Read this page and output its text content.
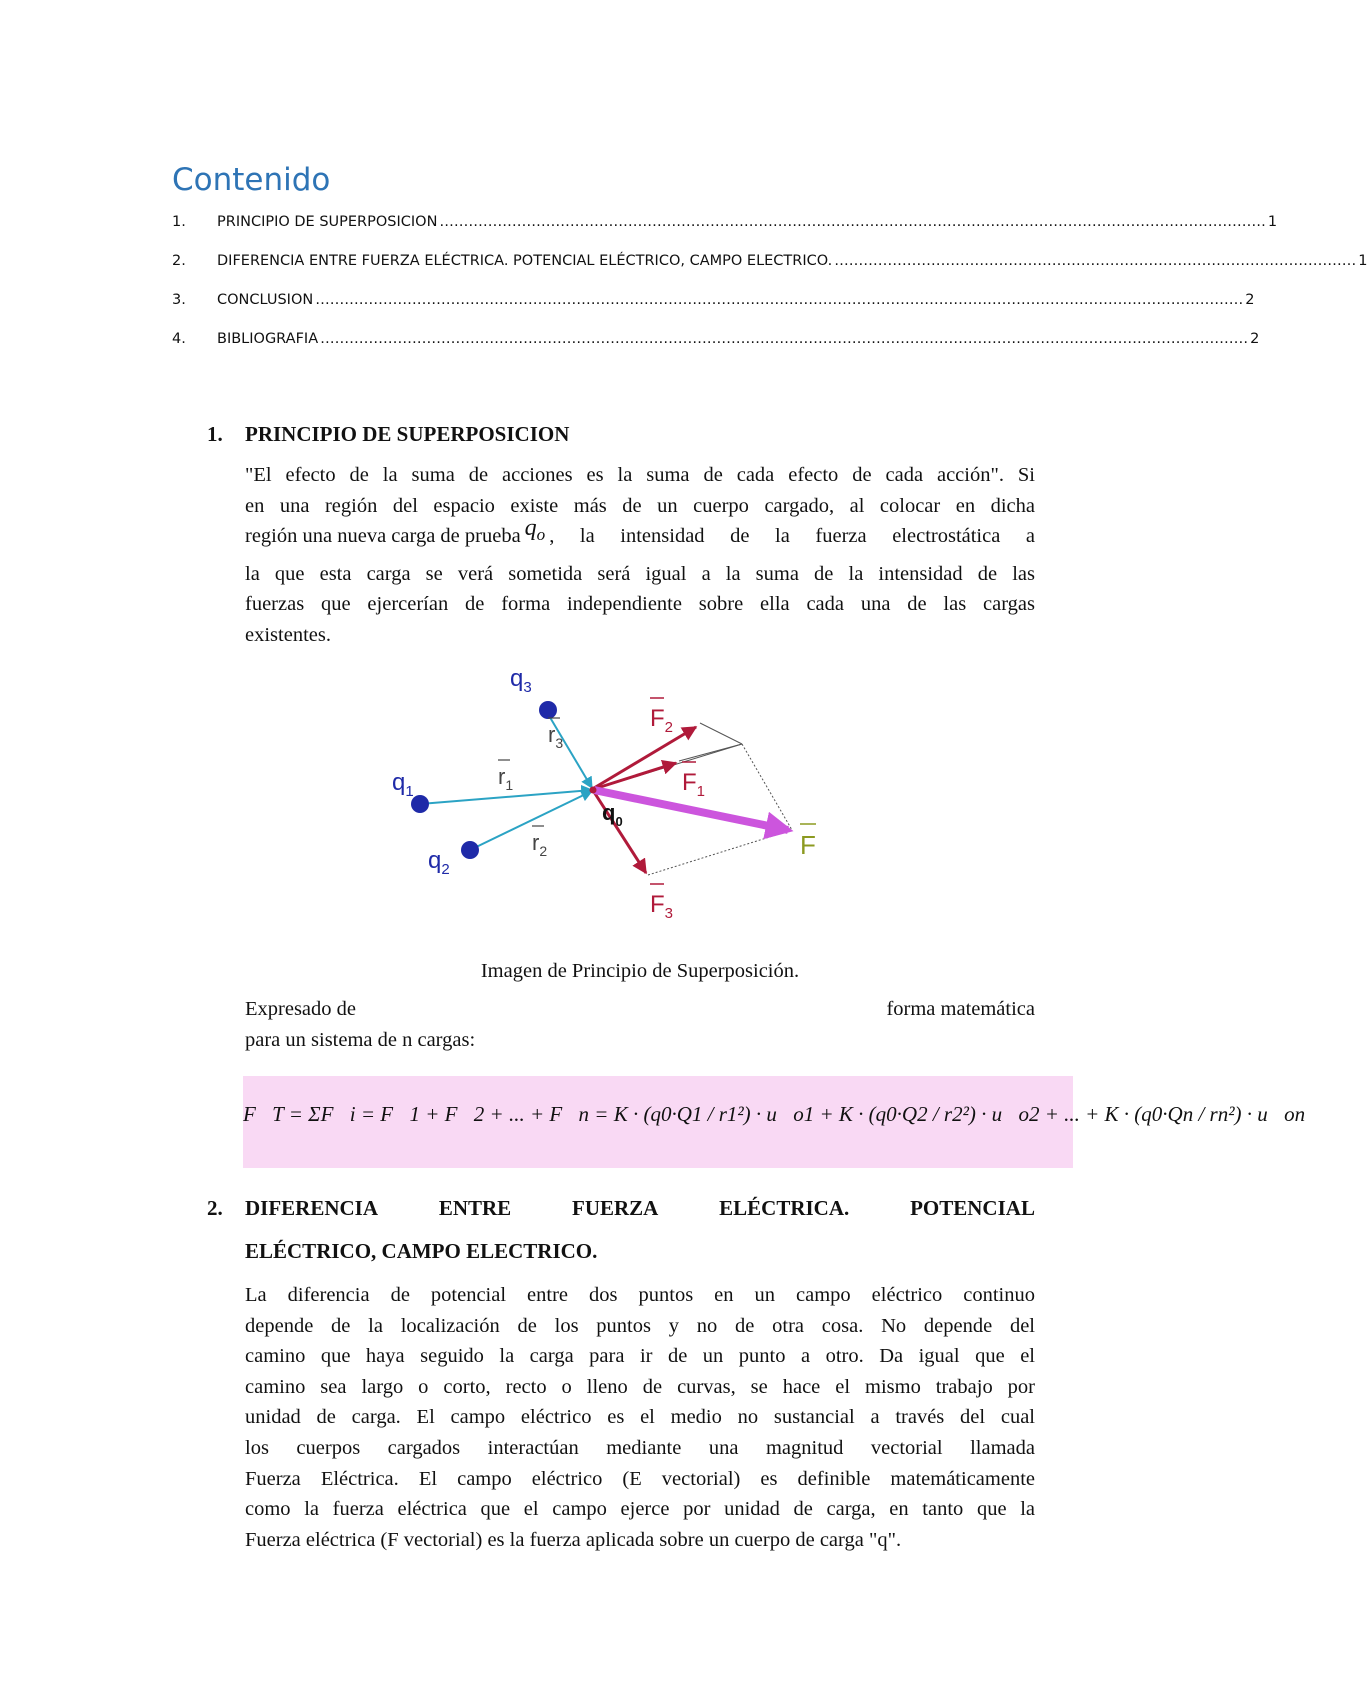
Contenido
1.	PRINCIPIO DE SUPERPOSICION ……………………………………………………………………………………………………………………………………………………… 1
2.	DIFERENCIA ENTRE FUERZA ELÉCTRICA. POTENCIAL ELÉCTRICO, CAMPO ELECTRICO. ……………………………………………………………………………………………… 1
3.	CONCLUSION ………………………………………………………………………………………………………………………………………………………………………… 2
4.	BIBLIOGRAFIA ………………………………………………………………………………………………………………………………………………………………………… 2
1. PRINCIPIO DE SUPERPOSICION
"El efecto de la suma de acciones es la suma de cada efecto de cada acción". Si
en una región del espacio existe más de un cuerpo cargado, al colocar en dicha
región una nueva carga de prueba $q_o$ , la intensidad de la fuerza electrostática a
la que esta carga se verá sometida será igual a la suma de la intensidad de las
fuerzas que ejercerían de forma independiente sobre ella cada una de las cargas
existentes.
$q_1$
$q_2$
$q_3$
$q_0$
$r_1$
$r_2$
$r_3$
$F_1$
$F_2$
$F_3$
F
Imagen de Principio de Superposición.
Expresado de	forma matemática
para un sistema de n cargas:
F⃗T = ΣF⃗i = F⃗1 + F⃗2 + ... + F⃗n = K · (q0·Q1 / r1²) · u⃗o1 + K · (q0·Q2 / r2²) · u⃗o2 + ... + K · (q0·Qn / rn²) · u⃗on
2. DIFERENCIA	ENTRE	FUERZA	ELÉCTRICA.	POTENCIAL
ELÉCTRICO, CAMPO ELECTRICO.
La diferencia de potencial entre dos puntos en un campo eléctrico continuo
depende de la localización de los puntos y no de otra cosa. No depende del
camino que haya seguido la carga para ir de un punto a otro. Da igual que el
camino sea largo o corto, recto o lleno de curvas, se hace el mismo trabajo por
unidad de carga. El campo eléctrico es el medio no sustancial a través del cual
los cuerpos cargados interactúan mediante una magnitud vectorial llamada
Fuerza Eléctrica. El campo eléctrico (E vectorial) es definible matemáticamente
como la fuerza eléctrica que el campo ejerce por unidad de carga, en tanto que la
Fuerza eléctrica (F vectorial) es la fuerza aplicada sobre un cuerpo de carga "q".
